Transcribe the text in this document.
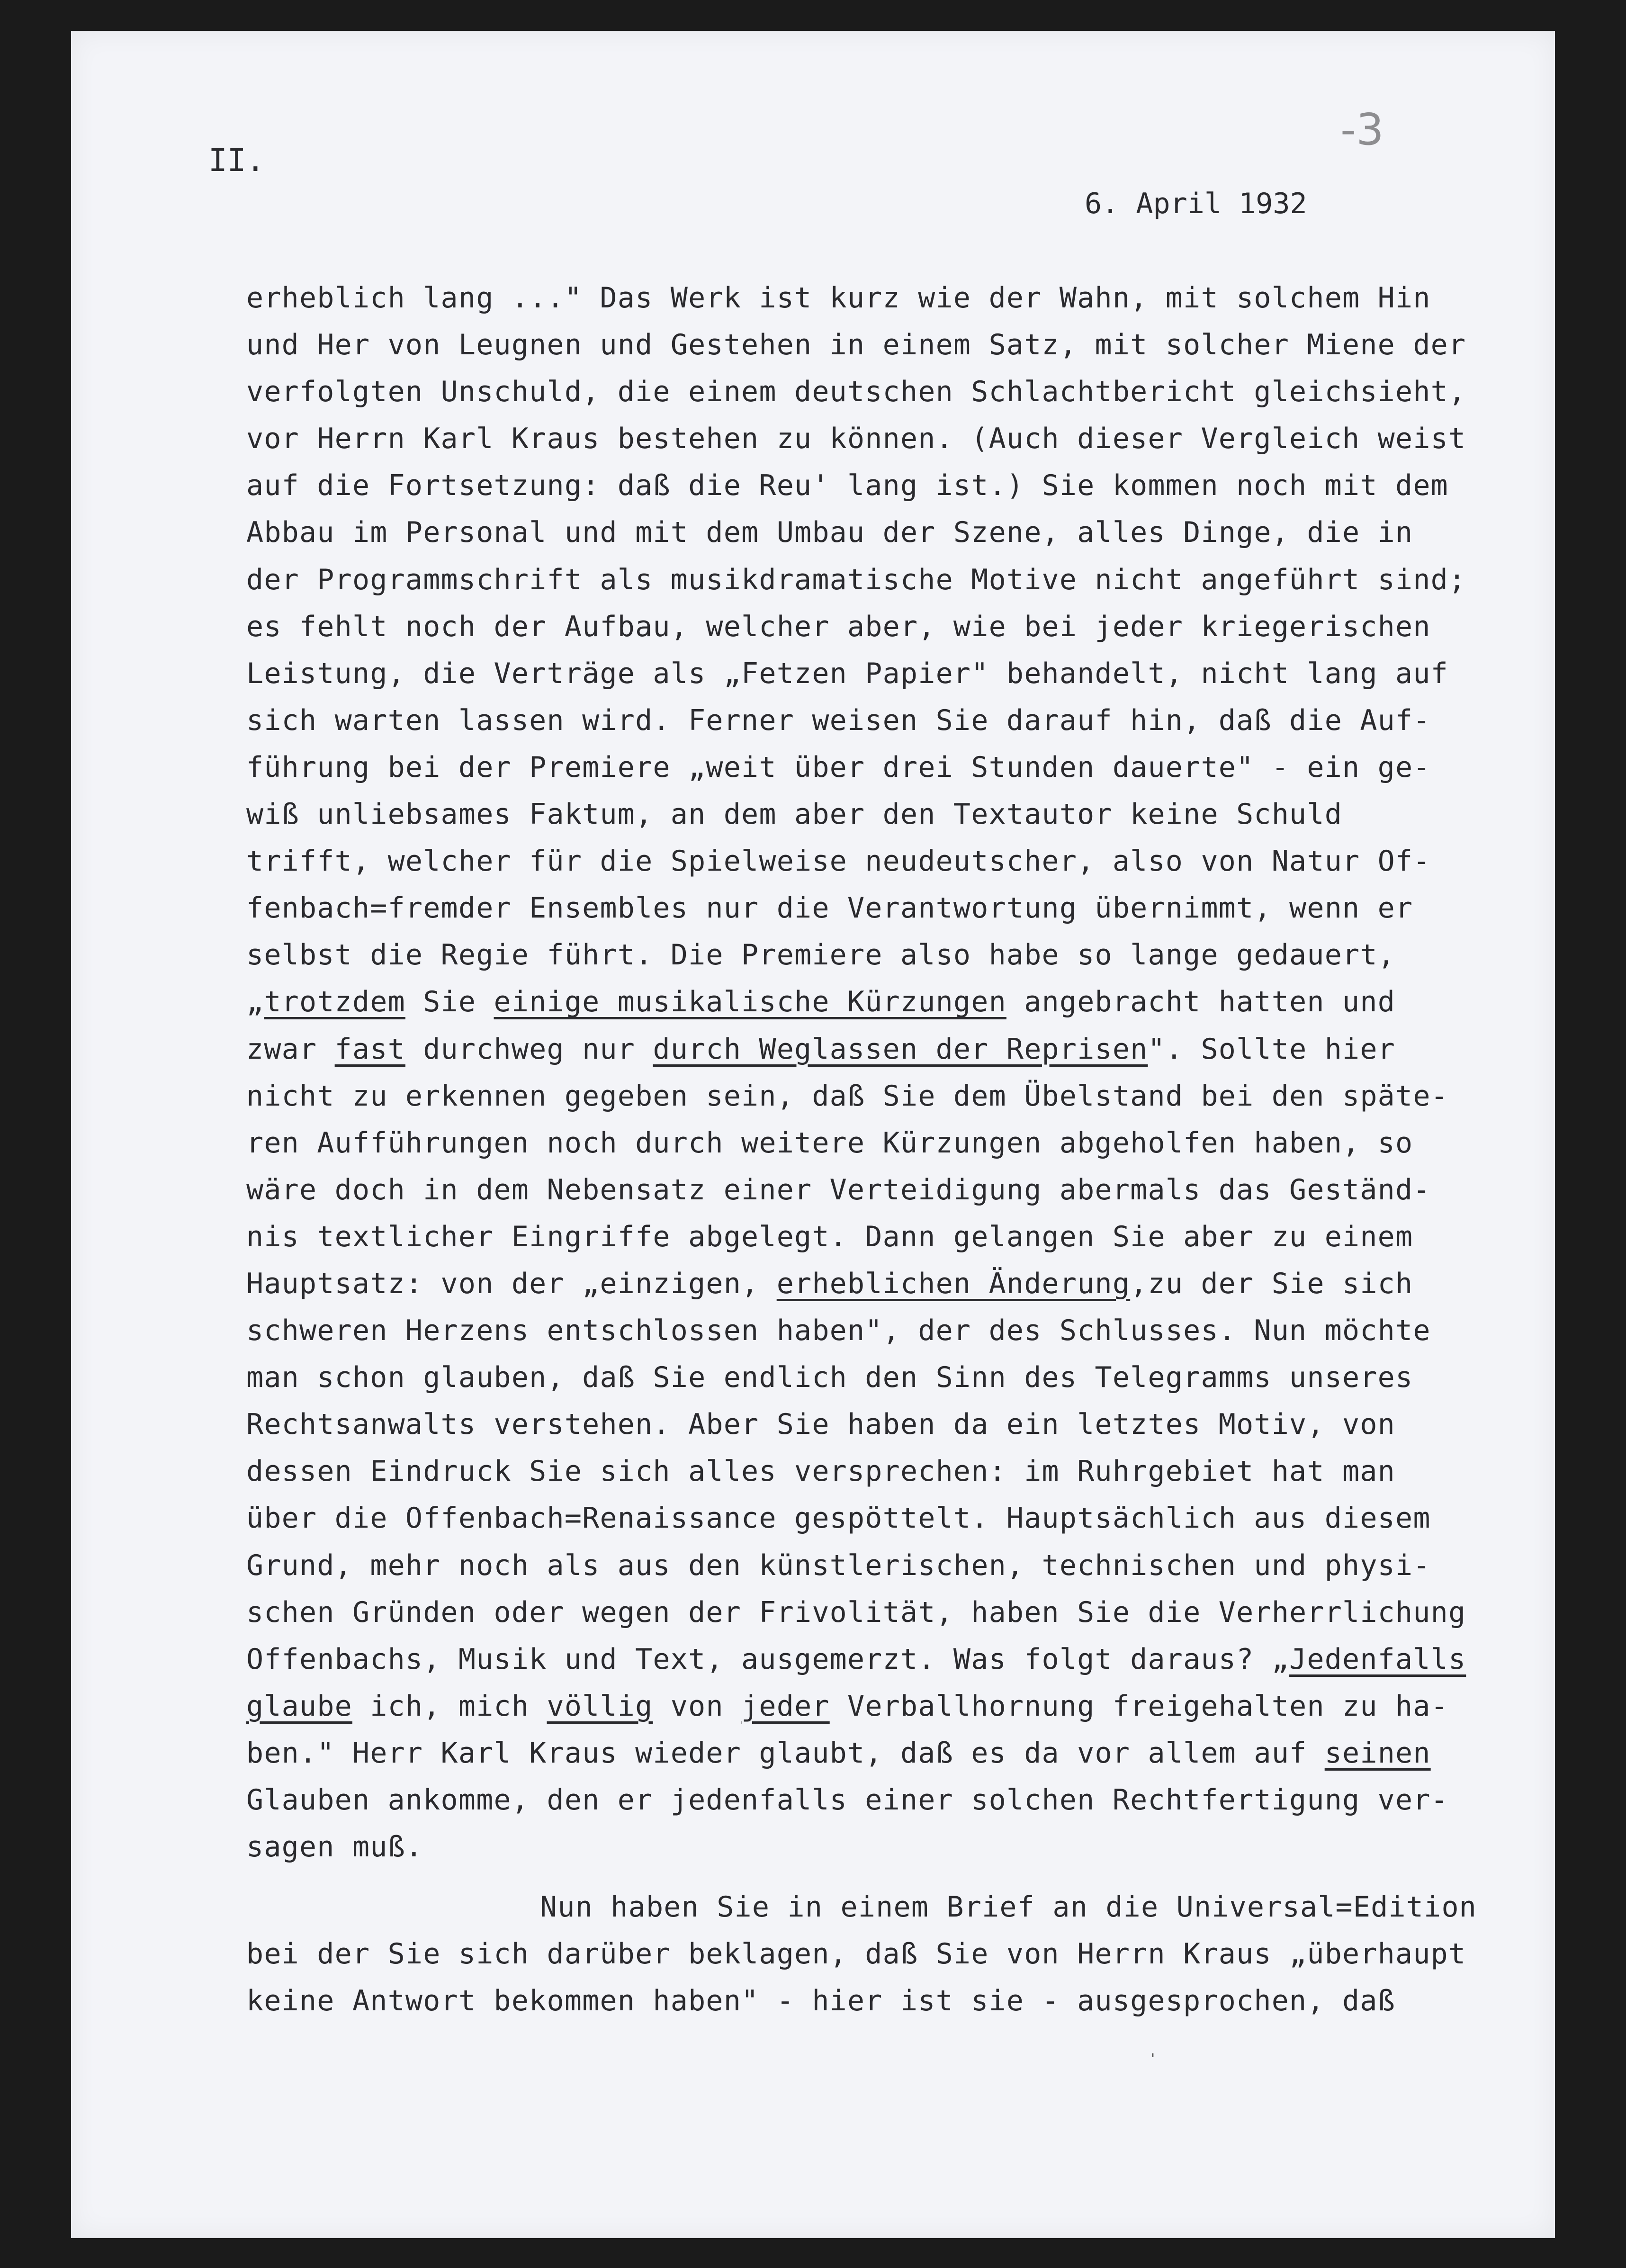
II.
-3
6. April 1932
erheblich lang ..." Das Werk ist kurz wie der Wahn, mit solchem Hin
und Her von Leugnen und Gestehen in einem Satz, mit solcher Miene der
verfolgten Unschuld, die einem deutschen Schlachtbericht gleichsieht,
vor Herrn Karl Kraus bestehen zu können. (Auch dieser Vergleich weist
auf die Fortsetzung: daß die Reu' lang ist.) Sie kommen noch mit dem
Abbau im Personal und mit dem Umbau der Szene, alles Dinge, die in
der Programmschrift als musikdramatische Motive nicht angeführt sind;
es fehlt noch der Aufbau, welcher aber, wie bei jeder kriegerischen
Leistung, die Verträge als „Fetzen Papier" behandelt, nicht lang auf
sich warten lassen wird. Ferner weisen Sie darauf hin, daß die Auf-
führung bei der Premiere „weit über drei Stunden dauerte" - ein ge-
wiß unliebsames Faktum, an dem aber den Textautor keine Schuld
trifft, welcher für die Spielweise neudeutscher, also von Natur Of-
fenbach=fremder Ensembles nur die Verantwortung übernimmt, wenn er
selbst die Regie führt. Die Premiere also habe so lange gedauert,
„trotzdem Sie einige musikalische Kürzungen angebracht hatten und
zwar fast durchweg nur durch Weglassen der Reprisen". Sollte hier
nicht zu erkennen gegeben sein, daß Sie dem Übelstand bei den späte-
ren Aufführungen noch durch weitere Kürzungen abgeholfen haben, so
wäre doch in dem Nebensatz einer Verteidigung abermals das Geständ-
nis textlicher Eingriffe abgelegt. Dann gelangen Sie aber zu einem
Hauptsatz: von der „einzigen, erheblichen Änderung,zu der Sie sich
schweren Herzens entschlossen haben", der des Schlusses. Nun möchte
man schon glauben, daß Sie endlich den Sinn des Telegramms unseres
Rechtsanwalts verstehen. Aber Sie haben da ein letztes Motiv, von
dessen Eindruck Sie sich alles versprechen: im Ruhrgebiet hat man
über die Offenbach=Renaissance gespöttelt. Hauptsächlich aus diesem
Grund, mehr noch als aus den künstlerischen, technischen und physi-
schen Gründen oder wegen der Frivolität, haben Sie die Verherrlichung
Offenbachs, Musik und Text, ausgemerzt. Was folgt daraus? „Jedenfalls
glaube ich, mich völlig von jeder Verballhornung freigehalten zu ha-
ben." Herr Karl Kraus wieder glaubt, daß es da vor allem auf seinen
Glauben ankomme, den er jedenfalls einer solchen Rechtfertigung ver-
sagen muß.
Nun haben Sie in einem Brief an die Universal=Edition
bei der Sie sich darüber beklagen, daß Sie von Herrn Kraus „überhaupt
keine Antwort bekommen haben" - hier ist sie - ausgesprochen, daß
'
